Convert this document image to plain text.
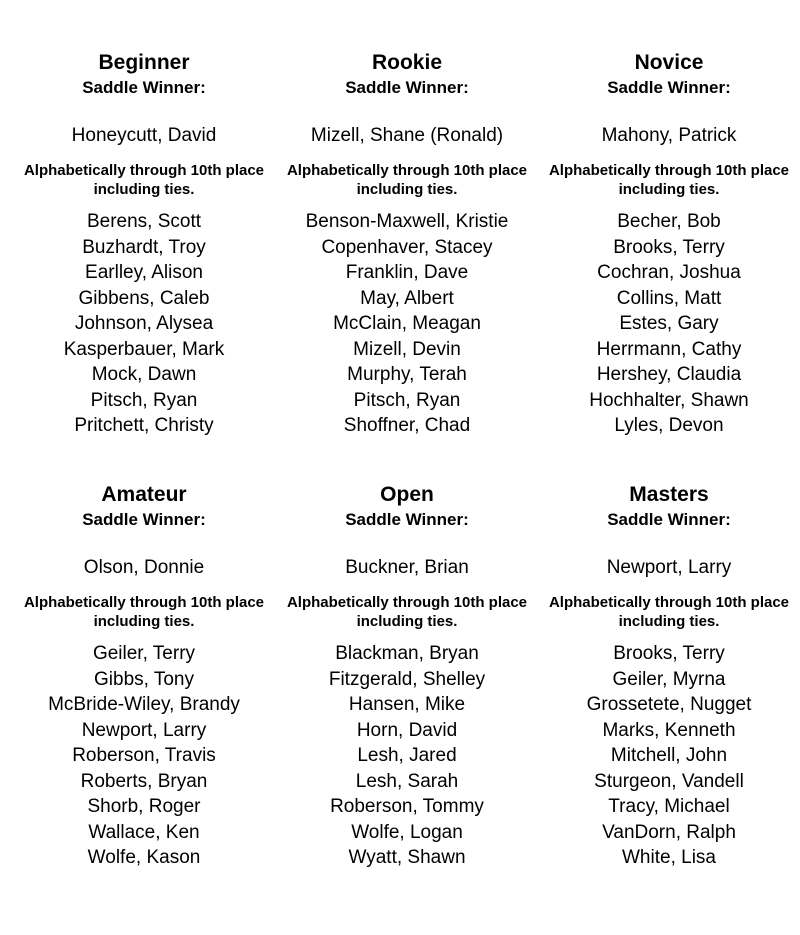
Beginner
Saddle Winner:
Honeycutt, David
Alphabetically through 10th place including ties.
Berens, Scott
Buzhardt, Troy
Earlley, Alison
Gibbens, Caleb
Johnson, Alysea
Kasperbauer, Mark
Mock, Dawn
Pitsch, Ryan
Pritchett, Christy
Rookie
Saddle Winner:
Mizell, Shane (Ronald)
Alphabetically through 10th place including ties.
Benson-Maxwell, Kristie
Copenhaver, Stacey
Franklin, Dave
May, Albert
McClain, Meagan
Mizell, Devin
Murphy, Terah
Pitsch, Ryan
Shoffner, Chad
Novice
Saddle Winner:
Mahony, Patrick
Alphabetically through 10th place including ties.
Becher, Bob
Brooks, Terry
Cochran, Joshua
Collins, Matt
Estes, Gary
Herrmann, Cathy
Hershey, Claudia
Hochhalter, Shawn
Lyles, Devon
Amateur
Saddle Winner:
Olson, Donnie
Alphabetically through 10th place including ties.
Geiler, Terry
Gibbs, Tony
McBride-Wiley, Brandy
Newport, Larry
Roberson, Travis
Roberts, Bryan
Shorb, Roger
Wallace, Ken
Wolfe, Kason
Open
Saddle Winner:
Buckner, Brian
Alphabetically through 10th place including ties.
Blackman, Bryan
Fitzgerald, Shelley
Hansen, Mike
Horn, David
Lesh, Jared
Lesh, Sarah
Roberson, Tommy
Wolfe, Logan
Wyatt, Shawn
Masters
Saddle Winner:
Newport, Larry
Alphabetically through 10th place including ties.
Brooks, Terry
Geiler, Myrna
Grossetete, Nugget
Marks, Kenneth
Mitchell, John
Sturgeon, Vandell
Tracy, Michael
VanDorn, Ralph
White, Lisa
